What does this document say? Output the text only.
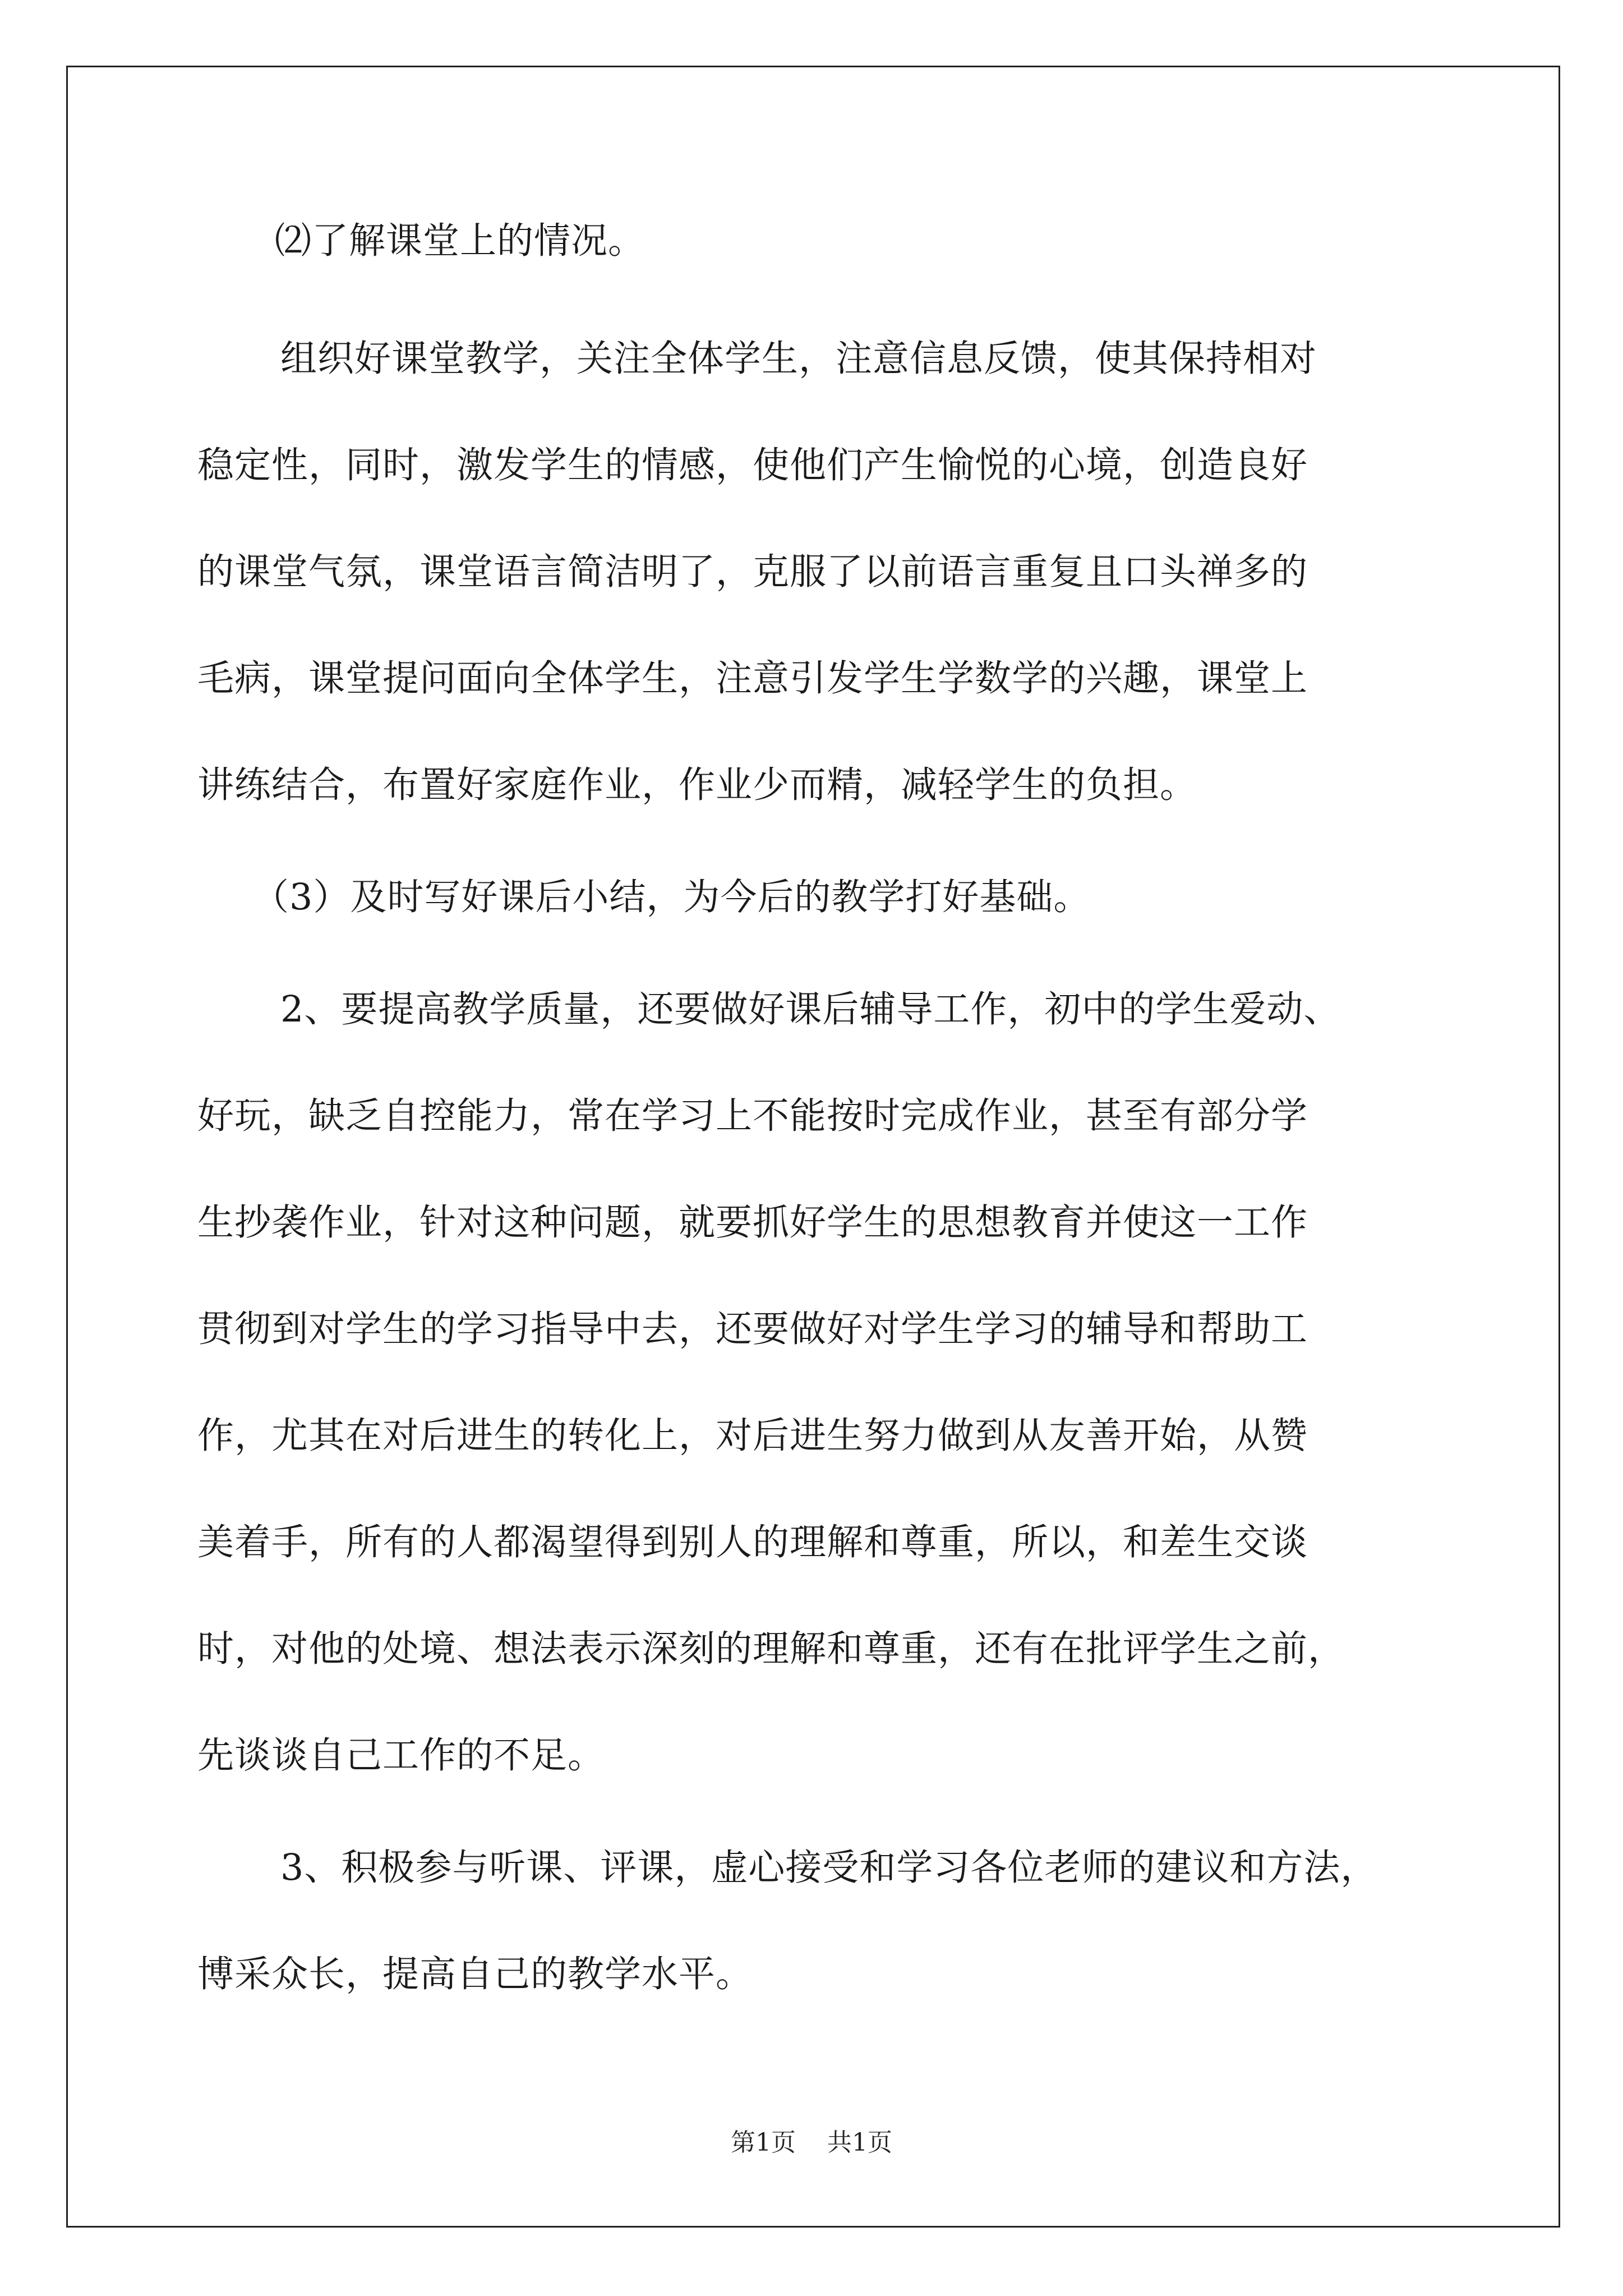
⑵了解课堂上的情况。
组织好课堂教学，关注全体学生，注意信息反馈，使其保持相对
稳定性，同时，激发学生的情感，使他们产生愉悦的心境，创造良好
的课堂气氛，课堂语言简洁明了，克服了以前语言重复且口头禅多的
毛病，课堂提问面向全体学生，注意引发学生学数学的兴趣，课堂上
讲练结合，布置好家庭作业，作业少而精，减轻学生的负担。
（3）及时写好课后小结，为今后的教学打好基础。
2、要提高教学质量，还要做好课后辅导工作，初中的学生爱动、
好玩，缺乏自控能力，常在学习上不能按时完成作业，甚至有部分学
生抄袭作业，针对这种问题，就要抓好学生的思想教育并使这一工作
贯彻到对学生的学习指导中去，还要做好对学生学习的辅导和帮助工
作，尤其在对后进生的转化上，对后进生努力做到从友善开始，从赞
美着手，所有的人都渴望得到别人的理解和尊重，所以，和差生交谈
时，对他的处境、想法表示深刻的理解和尊重，还有在批评学生之前，
先谈谈自己工作的不足。
3、积极参与听课、评课，虚心接受和学习各位老师的建议和方法，
博采众长，提高自己的教学水平。
第1页 共1页
